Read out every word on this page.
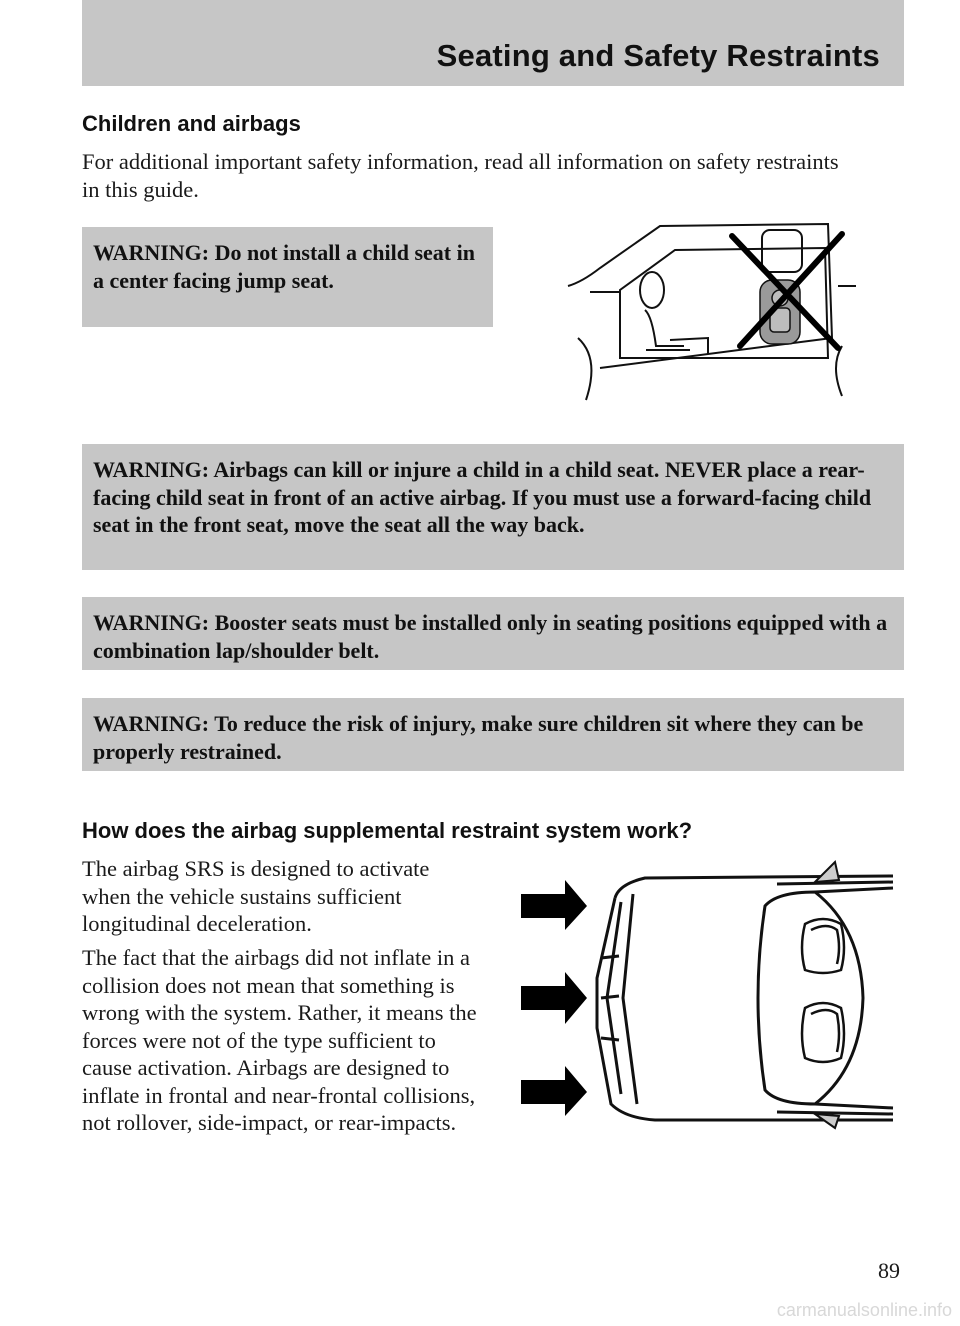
Seating and Safety Restraints
Children and airbags

For additional important safety information, read all information on safety restraints in this guide.

WARNING: Do not install a child seat in a center facing jump seat.
WARNING: Airbags can kill or injure a child in a child seat. NEVER place a rear-facing child seat in front of an active airbag. If you must use a forward-facing child seat in the front seat, move the seat all the way back.
WARNING: Booster seats must be installed only in seating positions equipped with a combination lap/shoulder belt.
WARNING: To reduce the risk of injury, make sure children sit where they can be properly restrained.
How does the airbag supplemental restraint system work?

The airbag SRS is designed to activate when the vehicle sustains sufficient longitudinal deceleration.

The fact that the airbags did not inflate in a collision does not mean that something is wrong with the system. Rather, it means the forces were not of the type sufficient to cause activation. Airbags are designed to inflate in frontal and near-frontal collisions, not rollover, side-impact, or rear-impacts.

89

carmanualsonline.info
